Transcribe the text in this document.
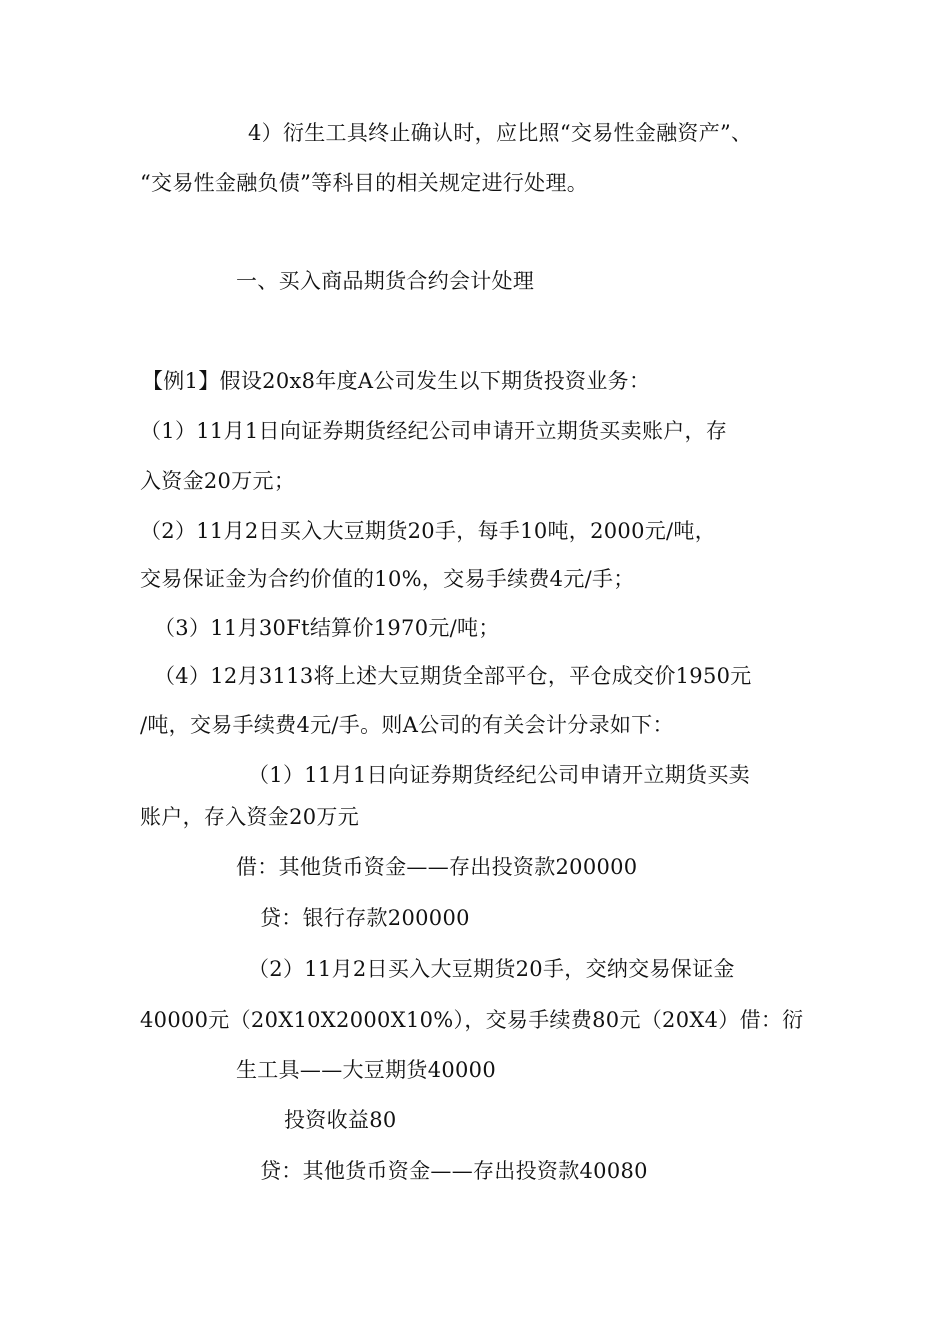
4）衍生工具终止确认时，应比照“交易性金融资产”、
“交易性金融负债”等科目的相关规定进行处理。
一、买入商品期货合约会计处理
【例1】假设20x8年度A公司发生以下期货投资业务：
（1）11月1日向证券期货经纪公司申请开立期货买卖账户，存
入资金20万元；
（2）11月2日买入大豆期货20手，每手10吨，2000元/吨，
交易保证金为合约价值的10%，交易手续费4元/手；
（3）11月30Ft结算价1970元/吨；
（4）12月3113将上述大豆期货全部平仓，平仓成交价1950元
/吨，交易手续费4元/手。则A公司的有关会计分录如下：
（1）11月1日向证券期货经纪公司申请开立期货买卖
账户，存入资金20万元
借：其他货币资金——存出投资款200000
贷：银行存款200000
（2）11月2日买入大豆期货20手，交纳交易保证金
40000元（20X10X2000X10%），交易手续费80元（20X4）借：衍
生工具——大豆期货40000
投资收益80
贷：其他货币资金——存出投资款40080
